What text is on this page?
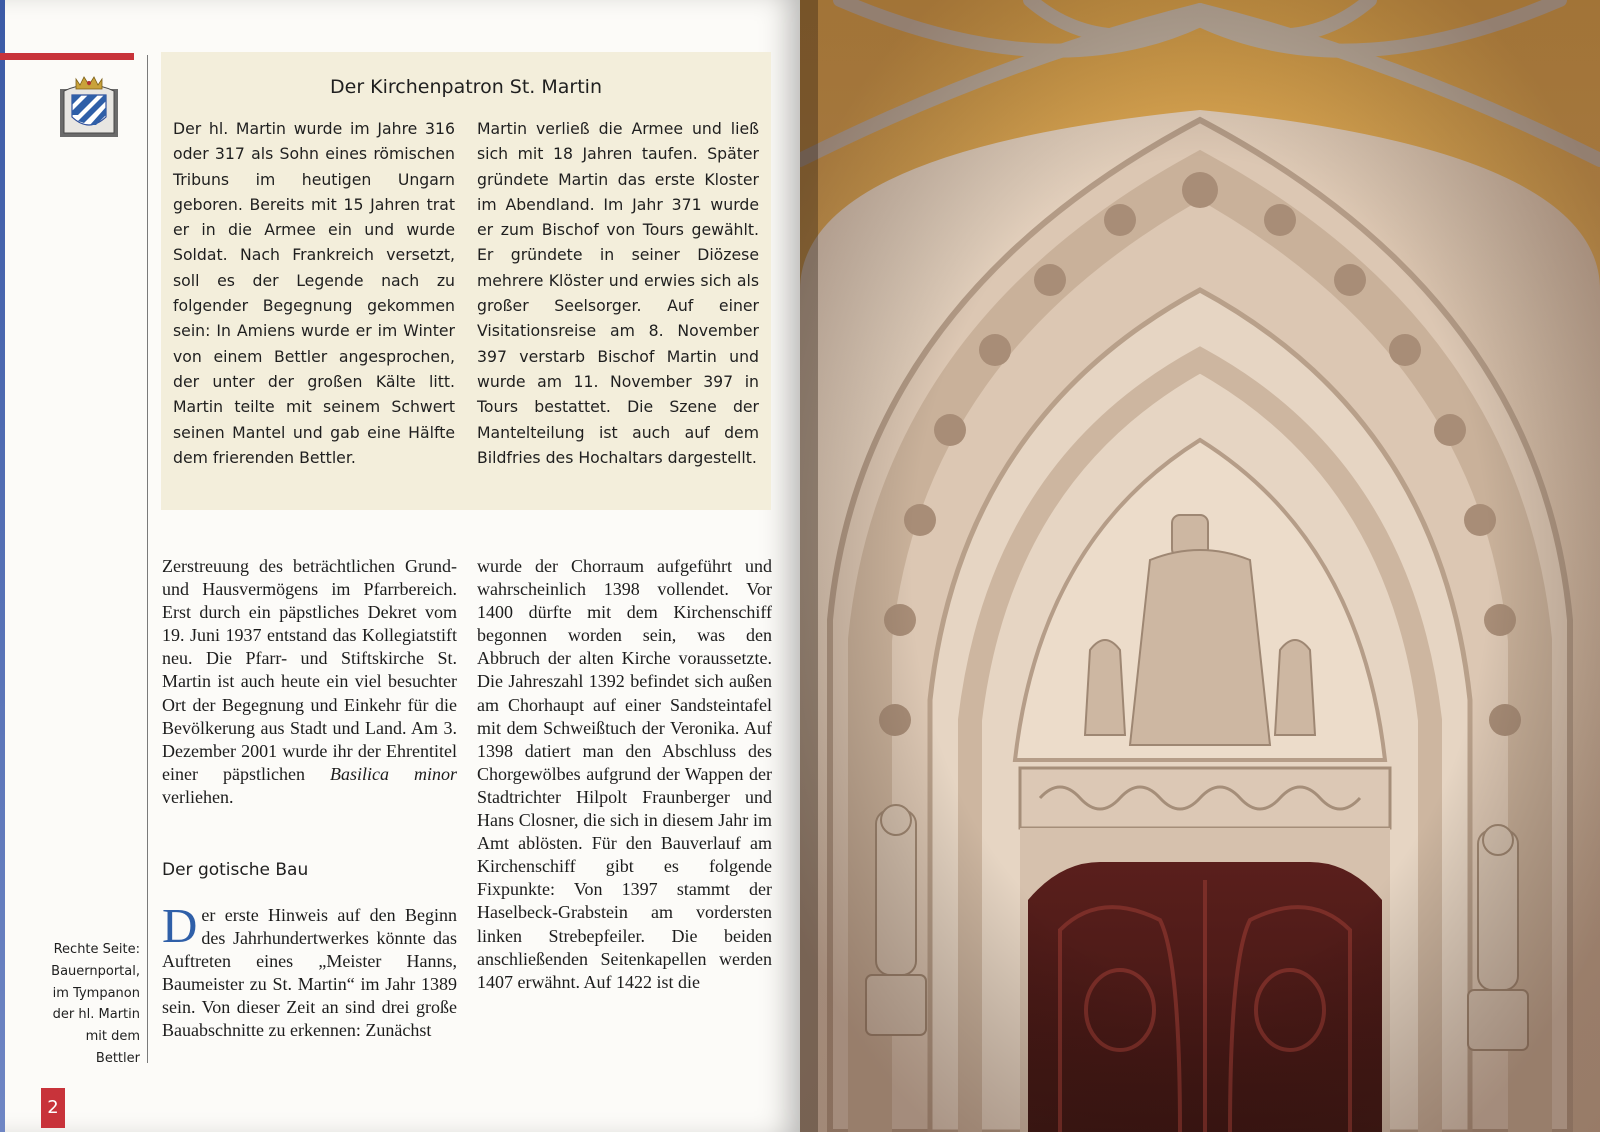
Der Kirchenpatron St. Martin
Der hl. Martin wurde im Jahre 316 oder 317 als Sohn eines römischen Tribuns im heutigen Ungarn geboren. Bereits mit 15 Jahren trat er in die Armee ein und wurde Soldat. Nach Frankreich versetzt, soll es der Legende nach zu folgender Begegnung gekommen sein: In Amiens wurde er im Winter von einem Bettler angesprochen, der unter der großen Kälte litt. Martin teilte mit seinem Schwert seinen Mantel und gab eine Hälfte dem frierenden Bettler.
Martin verließ die Armee und ließ sich mit 18 Jahren taufen. Später gründete Martin das erste Kloster im Abendland. Im Jahr 371 wurde er zum Bischof von Tours gewählt. Er gründete in seiner Diözese mehrere Klöster und erwies sich als großer Seelsorger. Auf einer Visitationsreise am 8. November 397 verstarb Bischof Martin und wurde am 11. November 397 in Tours bestattet. Die Szene der Mantelteilung ist auch auf dem Bildfries des Hochaltars dargestellt.
Zerstreuung des beträchtlichen Grund- und Hausvermögens im Pfarrbereich. Erst durch ein päpstliches Dekret vom 19. Juni 1937 entstand das Kollegiatstift neu. Die Pfarr- und Stiftskirche St. Martin ist auch heute ein viel besuchter Ort der Begegnung und Einkehr für die Bevölkerung aus Stadt und Land. Am 3. Dezember 2001 wurde ihr der Ehrentitel einer päpstlichen Basilica minor verliehen.
Der gotische Bau
Der erste Hinweis auf den Beginn des Jahrhundertwerkes könnte das Auftreten eines „Meister Hanns, Baumeister zu St. Martin“ im Jahr 1389 sein. Von dieser Zeit an sind drei große Bauabschnitte zu erkennen: Zunächst
wurde der Chorraum aufgeführt und wahrscheinlich 1398 vollendet. Vor 1400 dürfte mit dem Kirchenschiff begonnen worden sein, was den Abbruch der alten Kirche voraussetzte. Die Jahreszahl 1392 befindet sich außen am Chorhaupt auf einer Sandsteintafel mit dem Schweißtuch der Veronika. Auf 1398 datiert man den Abschluss des Chorgewölbes aufgrund der Wappen der Stadtrichter Hilpolt Fraunberger und Hans Closner, die sich in diesem Jahr im Amt ablösten. Für den Bauverlauf am Kirchenschiff gibt es folgende Fixpunkte: Von 1397 stammt der Haselbeck-Grabstein am vordersten linken Strebepfeiler. Die beiden anschließenden Seitenkapellen werden 1407 erwähnt. Auf 1422 ist die
Rechte Seite:
Bauernportal,
im Tympanon
der hl. Martin
mit dem
Bettler
2
